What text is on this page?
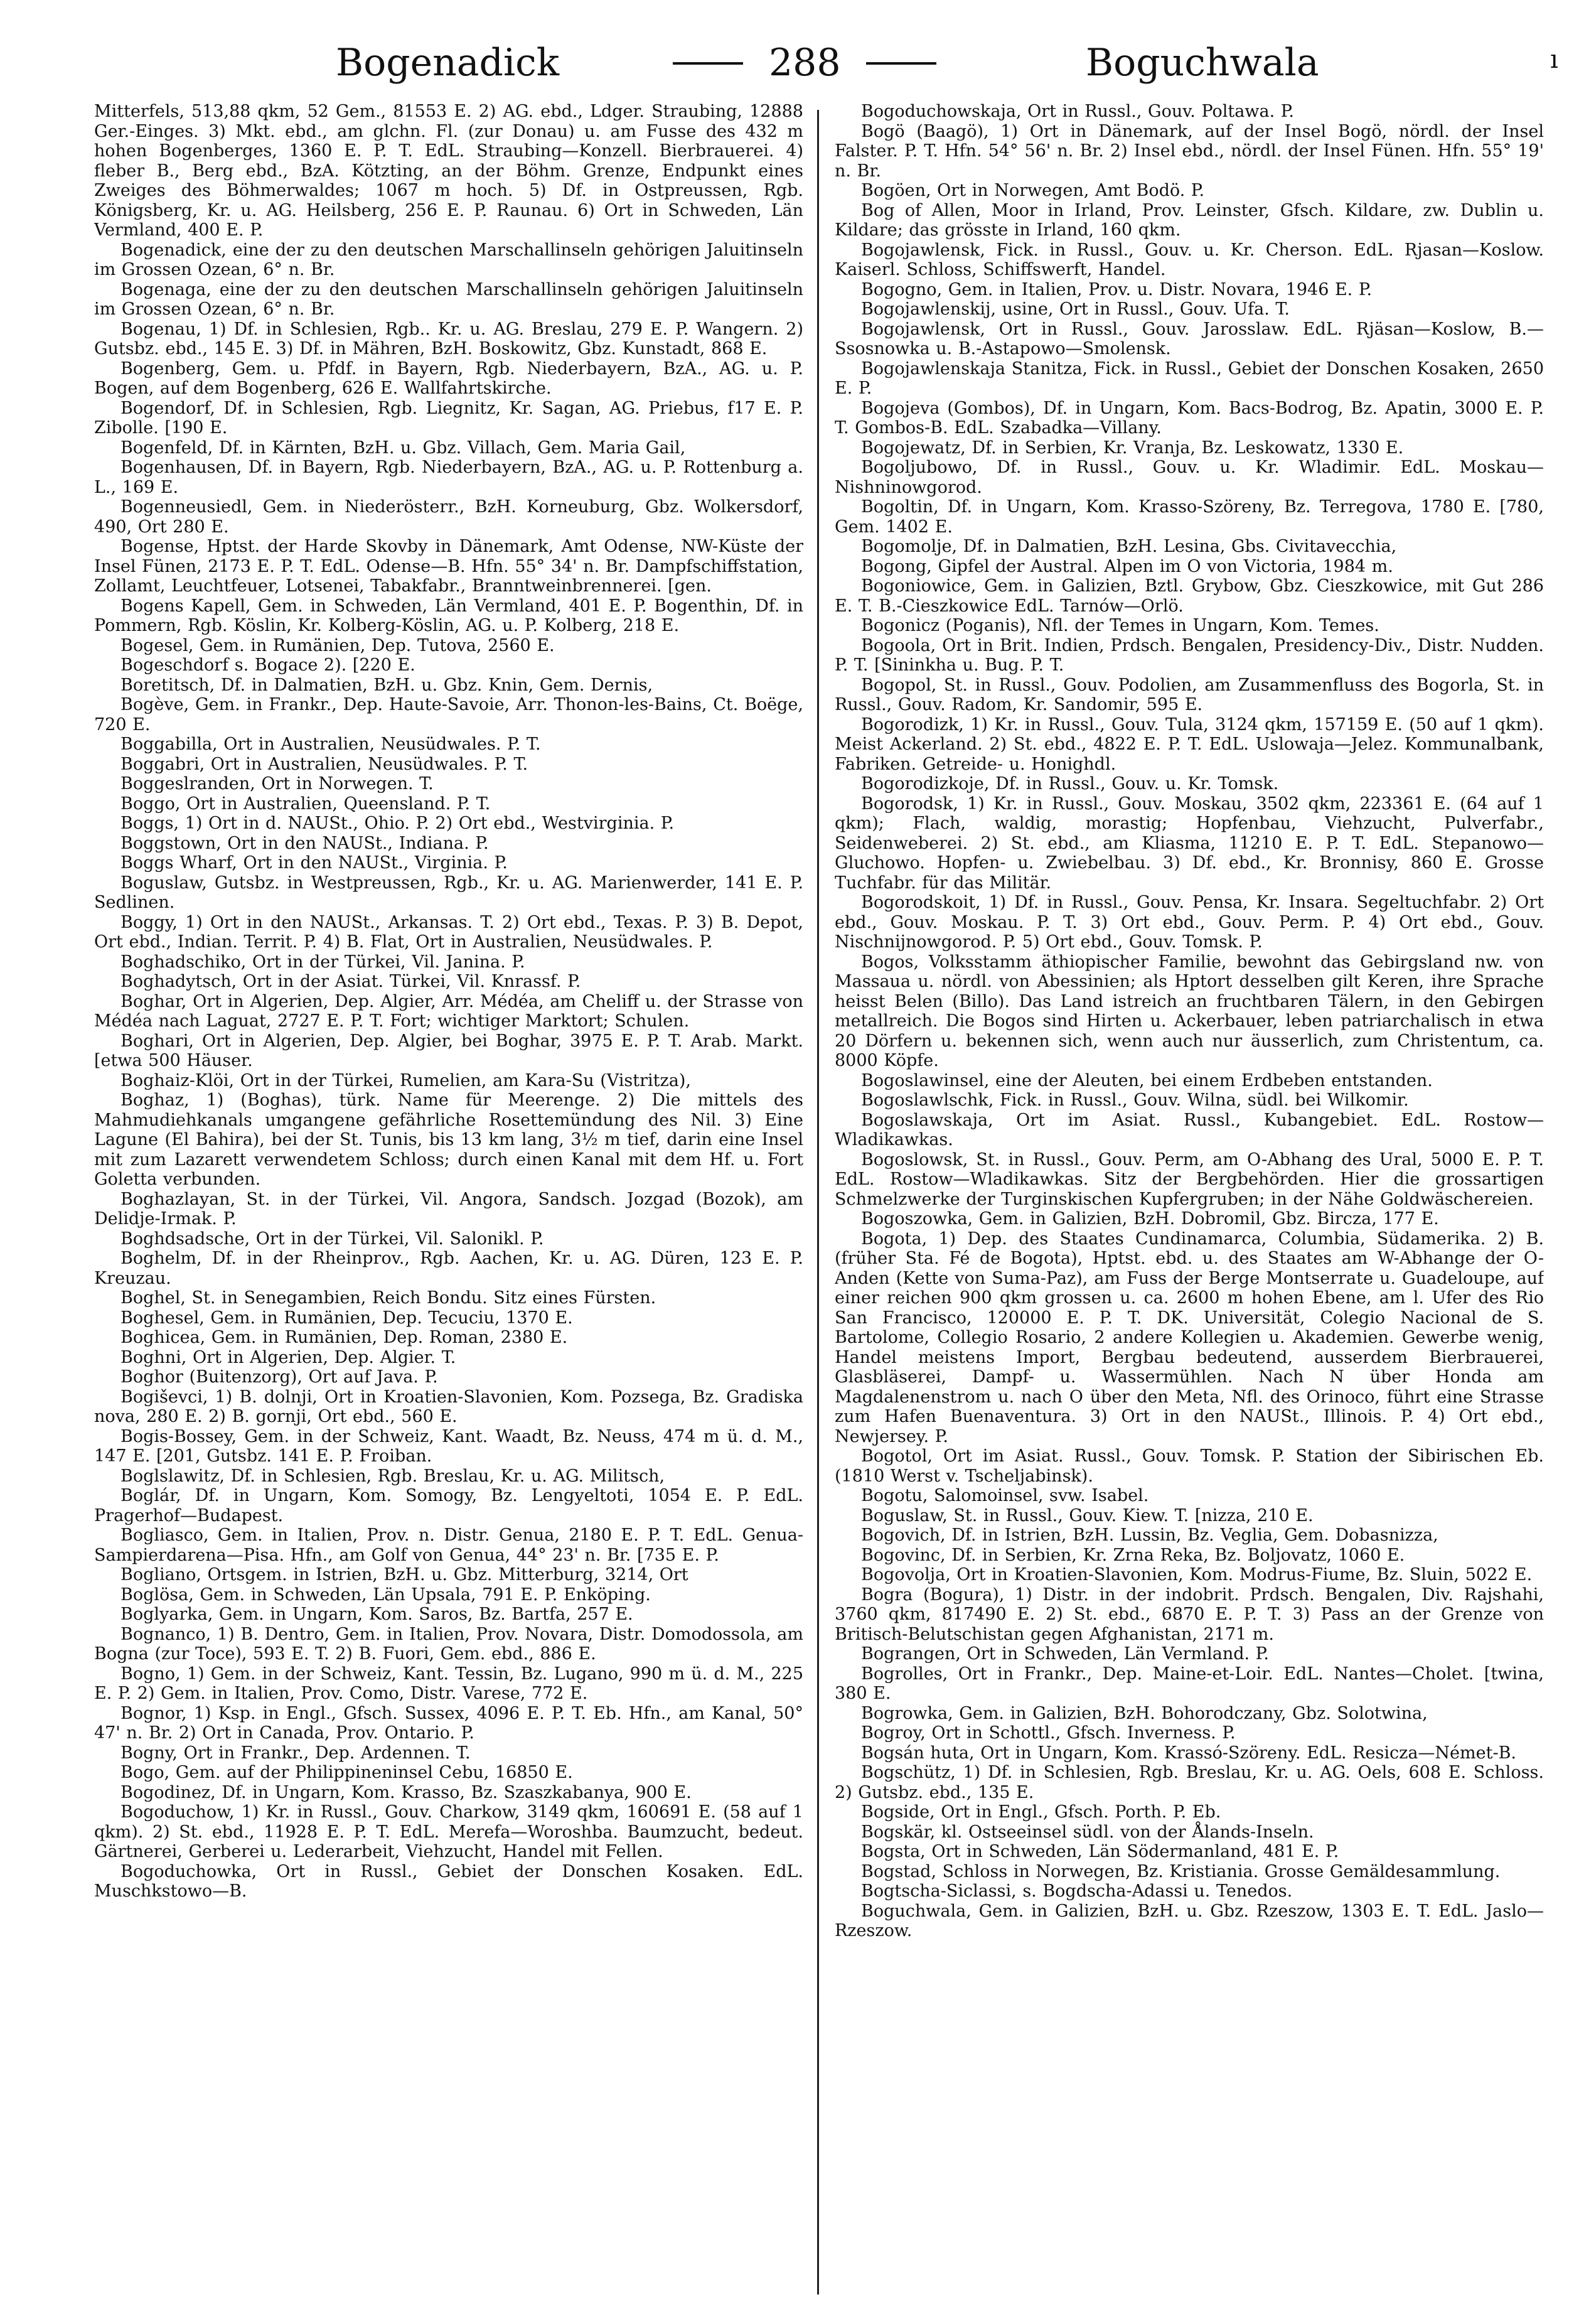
Bogenadick	288	Boguchwala	ı

Mitterfels, 513,88 qkm, 52 Gem., 81553 E. 2) AG. ebd., Ldger. Straubing, 12888 Ger.-Einges. 3) Mkt. ebd., am glchn. Fl. (zur Donau) u. am Fusse des 432 m hohen Bogenberges, 1360 E. P. T. EdL. Straubing—Konzell. Bierbrauerei. 4) fleber B., Berg ebd., BzA. Kötzting, an der Böhm. Grenze, Endpunkt eines Zweiges des Böhmerwaldes; 1067 m hoch. 5) Df. in Ostpreussen, Rgb. Königsberg, Kr. u. AG. Heilsberg, 256 E. P. Raunau. 6) Ort in Schweden, Län Vermland, 400 E. P.

Bogenadick, eine der zu den deutschen Marschallinseln gehörigen Jaluitinseln im Grossen Ozean, 6° n. Br.

Bogenaga, eine der zu den deutschen Marschallinseln gehörigen Jaluitinseln im Grossen Ozean, 6° n. Br.

Bogenau, 1) Df. in Schlesien, Rgb.. Kr. u. AG. Breslau, 279 E. P. Wangern. 2) Gutsbz. ebd., 145 E. 3) Df. in Mähren, BzH. Boskowitz, Gbz. Kunstadt, 868 E.

Bogenberg, Gem. u. Pfdf. in Bayern, Rgb. Niederbayern, BzA., AG. u. P. Bogen, auf dem Bogenberg, 626 E. Wallfahrtskirche.

Bogendorf, Df. in Schlesien, Rgb. Liegnitz, Kr. Sagan, AG. Priebus, f17 E. P. Zibolle. [190 E.

Bogenfeld, Df. in Kärnten, BzH. u. Gbz. Villach, Gem. Maria Gail,

Bogenhausen, Df. in Bayern, Rgb. Niederbayern, BzA., AG. u. P. Rottenburg a. L., 169 E.

Bogenneusiedl, Gem. in Niederösterr., BzH. Korneuburg, Gbz. Wolkersdorf, 490, Ort 280 E.

Bogense, Hptst. der Harde Skovby in Dänemark, Amt Odense, NW-Küste der Insel Fünen, 2173 E. P. T. EdL. Odense—B. Hfn. 55° 34' n. Br. Dampfschiffstation, Zollamt, Leuchtfeuer, Lotsenei, Tabakfabr., Branntweinbrennerei. [gen.

Bogens Kapell, Gem. in Schweden, Län Vermland, 401 E. P. Bogenthin, Df. in Pommern, Rgb. Köslin, Kr. Kolberg-Köslin, AG. u. P. Kolberg, 218 E.

Bogesel, Gem. in Rumänien, Dep. Tutova, 2560 E.

Bogeschdorf s. Bogace 2). [220 E.

Boretitsch, Df. in Dalmatien, BzH. u. Gbz. Knin, Gem. Dernis,

Bogève, Gem. in Frankr., Dep. Haute-Savoie, Arr. Thonon-les-Bains, Ct. Boëge, 720 E.

Boggabilla, Ort in Australien, Neusüdwales. P. T.

Boggabri, Ort in Australien, Neusüdwales. P. T.

Boggeslranden, Ort in Norwegen. T.

Boggo, Ort in Australien, Queensland. P. T.

Boggs, 1) Ort in d. NAUSt., Ohio. P. 2) Ort ebd., Westvirginia. P.

Boggstown, Ort in den NAUSt., Indiana. P.

Boggs Wharf, Ort in den NAUSt., Virginia. P.

Boguslaw, Gutsbz. in Westpreussen, Rgb., Kr. u. AG. Marienwerder, 141 E. P. Sedlinen.

Boggy, 1) Ort in den NAUSt., Arkansas. T. 2) Ort ebd., Texas. P. 3) B. Depot, Ort ebd., Indian. Territ. P. 4) B. Flat, Ort in Australien, Neusüdwales. P.

Boghadschiko, Ort in der Türkei, Vil. Janina. P.

Boghadytsch, Ort in der Asiat. Türkei, Vil. Knrassf. P.

Boghar, Ort in Algerien, Dep. Algier, Arr. Médéa, am Cheliff u. der Strasse von Médéa nach Laguat, 2727 E. P. T. Fort; wichtiger Marktort; Schulen.

Boghari, Ort in Algerien, Dep. Algier, bei Boghar, 3975 E. P. T. Arab. Markt. [etwa 500 Häuser.

Boghaiz-Klöi, Ort in der Türkei, Rumelien, am Kara-Su (Vistritza),

Boghaz, 1) (Boghas), türk. Name für Meerenge. 2) Die mittels des Mahmudiehkanals umgangene gefährliche Rosettemündung des Nil. 3) Eine Lagune (El Bahira), bei der St. Tunis, bis 13 km lang, 3½ m tief, darin eine Insel mit zum Lazarett verwendetem Schloss; durch einen Kanal mit dem Hf. u. Fort Goletta verbunden.

Boghazlayan, St. in der Türkei, Vil. Angora, Sandsch. Jozgad (Bozok), am Delidje-Irmak. P.

Boghdsadsche, Ort in der Türkei, Vil. Salonikl. P.

Boghelm, Df. in der Rheinprov., Rgb. Aachen, Kr. u. AG. Düren, 123 E. P. Kreuzau.

Boghel, St. in Senegambien, Reich Bondu. Sitz eines Fürsten.

Boghesel, Gem. in Rumänien, Dep. Tecuciu, 1370 E.

Boghicea, Gem. in Rumänien, Dep. Roman, 2380 E.

Boghni, Ort in Algerien, Dep. Algier. T.

Boghor (Buitenzorg), Ort auf Java. P.

Bogiševci, 1) B. dolnji, Ort in Kroatien-Slavonien, Kom. Pozsega, Bz. Gradiska nova, 280 E. 2) B. gornji, Ort ebd., 560 E.

Bogis-Bossey, Gem. in der Schweiz, Kant. Waadt, Bz. Neuss, 474 m ü. d. M., 147 E. [201, Gutsbz. 141 E. P. Froiban.

Boglslawitz, Df. in Schlesien, Rgb. Breslau, Kr. u. AG. Militsch,

Boglár, Df. in Ungarn, Kom. Somogy, Bz. Lengyeltoti, 1054 E. P. EdL. Pragerhof—Budapest.

Bogliasco, Gem. in Italien, Prov. n. Distr. Genua, 2180 E. P. T. EdL. Genua-Sampierdarena—Pisa. Hfn., am Golf von Genua, 44° 23' n. Br. [735 E. P.

Bogliano, Ortsgem. in Istrien, BzH. u. Gbz. Mitterburg, 3214, Ort

Boglösa, Gem. in Schweden, Län Upsala, 791 E. P. Enköping.

Boglyarka, Gem. in Ungarn, Kom. Saros, Bz. Bartfa, 257 E.

Bognanco, 1) B. Dentro, Gem. in Italien, Prov. Novara, Distr. Domodossola, am Bogna (zur Toce), 593 E. T. 2) B. Fuori, Gem. ebd., 886 E.

Bogno, 1) Gem. in der Schweiz, Kant. Tessin, Bz. Lugano, 990 m ü. d. M., 225 E. P. 2) Gem. in Italien, Prov. Como, Distr. Varese, 772 E.

Bognor, 1) Ksp. in Engl., Gfsch. Sussex, 4096 E. P. T. Eb. Hfn., am Kanal, 50° 47' n. Br. 2) Ort in Canada, Prov. Ontario. P.

Bogny, Ort in Frankr., Dep. Ardennen. T.

Bogo, Gem. auf der Philippineninsel Cebu, 16850 E.

Bogodinez, Df. in Ungarn, Kom. Krasso, Bz. Szaszkabanya, 900 E.

Bogoduchow, 1) Kr. in Russl., Gouv. Charkow, 3149 qkm, 160691 E. (58 auf 1 qkm). 2) St. ebd., 11928 E. P. T. EdL. Merefa—Woroshba. Baumzucht, bedeut. Gärtnerei, Gerberei u. Lederarbeit, Viehzucht, Handel mit Fellen.

Bogoduchowka, Ort in Russl., Gebiet der Donschen Kosaken. EdL. Muschkstowo—B.

Bogoduchowskaja, Ort in Russl., Gouv. Poltawa. P.

Bogö (Baagö), 1) Ort in Dänemark, auf der Insel Bogö, nördl. der Insel Falster. P. T. Hfn. 54° 56' n. Br. 2) Insel ebd., nördl. der Insel Fünen. Hfn. 55° 19' n. Br.

Bogöen, Ort in Norwegen, Amt Bodö. P.

Bog of Allen, Moor in Irland, Prov. Leinster, Gfsch. Kildare, zw. Dublin u. Kildare; das grösste in Irland, 160 qkm.

Bogojawlensk, Fick. in Russl., Gouv. u. Kr. Cherson. EdL. Rjasan—Koslow. Kaiserl. Schloss, Schiffswerft, Handel.

Bogogno, Gem. in Italien, Prov. u. Distr. Novara, 1946 E. P.

Bogojawlenskij, usine, Ort in Russl., Gouv. Ufa. T.

Bogojawlensk, Ort in Russl., Gouv. Jarosslaw. EdL. Rjäsan—Koslow, B.—Ssosnowka u. B.-Astapowo—Smolensk.

Bogojawlenskaja Stanitza, Fick. in Russl., Gebiet der Donschen Kosaken, 2650 E. P.

Bogojeva (Gombos), Df. in Ungarn, Kom. Bacs-Bodrog, Bz. Apatin, 3000 E. P. T. Gombos-B. EdL. Szabadka—Villany.

Bogojewatz, Df. in Serbien, Kr. Vranja, Bz. Leskowatz, 1330 E.

Bogoljubowo, Df. in Russl., Gouv. u. Kr. Wladimir. EdL. Moskau—Nishninowgorod.

Bogoltin, Df. in Ungarn, Kom. Krasso-Szöreny, Bz. Terregova, 1780 E. [780, Gem. 1402 E.

Bogomolje, Df. in Dalmatien, BzH. Lesina, Gbs. Civitavecchia,

Bogong, Gipfel der Austral. Alpen im O von Victoria, 1984 m.

Bogoniowice, Gem. in Galizien, Bztl. Grybow, Gbz. Cieszkowice, mit Gut 286 E. T. B.-Cieszkowice EdL. Tarnów—Orlö.

Bogonicz (Poganis), Nfl. der Temes in Ungarn, Kom. Temes.

Bogoola, Ort in Brit. Indien, Prdsch. Bengalen, Presidency-Div., Distr. Nudden. P. T. [Sininkha u. Bug. P. T.

Bogopol, St. in Russl., Gouv. Podolien, am Zusammenfluss des Bogorla, St. in Russl., Gouv. Radom, Kr. Sandomir, 595 E.

Bogorodizk, 1) Kr. in Russl., Gouv. Tula, 3124 qkm, 157159 E. (50 auf 1 qkm). Meist Ackerland. 2) St. ebd., 4822 E. P. T. EdL. Uslowaja—Jelez. Kommunalbank, Fabriken. Getreide- u. Honighdl.

Bogorodizkoje, Df. in Russl., Gouv. u. Kr. Tomsk.

Bogorodsk, 1) Kr. in Russl., Gouv. Moskau, 3502 qkm, 223361 E. (64 auf 1 qkm); Flach, waldig, morastig; Hopfenbau, Viehzucht, Pulverfabr., Seidenweberei. 2) St. ebd., am Kliasma, 11210 E. P. T. EdL. Stepanowo—Gluchowo. Hopfen- u. Zwiebelbau. 3) Df. ebd., Kr. Bronnisy, 860 E. Grosse Tuchfabr. für das Militär.

Bogorodskoit, 1) Df. in Russl., Gouv. Pensa, Kr. Insara. Segeltuchfabr. 2) Ort ebd., Gouv. Moskau. P. T. 3) Ort ebd., Gouv. Perm. P. 4) Ort ebd., Gouv. Nischnijnowgorod. P. 5) Ort ebd., Gouv. Tomsk. P.

Bogos, Volksstamm äthiopischer Familie, bewohnt das Gebirgsland nw. von Massaua u. nördl. von Abessinien; als Hptort desselben gilt Keren, ihre Sprache heisst Belen (Billo). Das Land istreich an fruchtbaren Tälern, in den Gebirgen metallreich. Die Bogos sind Hirten u. Ackerbauer, leben patriarchalisch in etwa 20 Dörfern u. bekennen sich, wenn auch nur äusserlich, zum Christentum, ca. 8000 Köpfe.

Bogoslawinsel, eine der Aleuten, bei einem Erdbeben entstanden.

Bogoslawlschk, Fick. in Russl., Gouv. Wilna, südl. bei Wilkomir.

Bogoslawskaja, Ort im Asiat. Russl., Kubangebiet. EdL. Rostow—Wladikawkas.

Bogoslowsk, St. in Russl., Gouv. Perm, am O-Abhang des Ural, 5000 E. P. T. EdL. Rostow—Wladikawkas. Sitz der Bergbehörden. Hier die grossartigen Schmelzwerke der Turginskischen Kupfergruben; in der Nähe Goldwäschereien.

Bogoszowka, Gem. in Galizien, BzH. Dobromil, Gbz. Bircza, 177 E.

Bogota, 1) Dep. des Staates Cundinamarca, Columbia, Südamerika. 2) B. (früher Sta. Fé de Bogota), Hptst. ebd. u. des Staates am W-Abhange der O-Anden (Kette von Suma-Paz), am Fuss der Berge Montserrate u. Guadeloupe, auf einer reichen 900 qkm grossen u. ca. 2600 m hohen Ebene, am l. Ufer des Rio San Francisco, 120000 E. P. T. DK. Universität, Colegio Nacional de S. Bartolome, Collegio Rosario, 2 andere Kollegien u. Akademien. Gewerbe wenig, Handel meistens Import, Bergbau bedeutend, ausserdem Bierbrauerei, Glasbläserei, Dampf- u. Wassermühlen. Nach N über Honda am Magdalenenstrom u. nach O über den Meta, Nfl. des Orinoco, führt eine Strasse zum Hafen Buenaventura. 3) Ort in den NAUSt., Illinois. P. 4) Ort ebd., Newjersey. P.

Bogotol, Ort im Asiat. Russl., Gouv. Tomsk. P. Station der Sibirischen Eb. (1810 Werst v. Tscheljabinsk).

Bogotu, Salomoinsel, svw. Isabel.

Boguslaw, St. in Russl., Gouv. Kiew. T. [nizza, 210 E.

Bogovich, Df. in Istrien, BzH. Lussin, Bz. Veglia, Gem. Dobasnizza,

Bogovinc, Df. in Serbien, Kr. Zrna Reka, Bz. Boljovatz, 1060 E.

Bogovolja, Ort in Kroatien-Slavonien, Kom. Modrus-Fiume, Bz. Sluin, 5022 E.

Bogra (Bogura), 1) Distr. in der indobrit. Prdsch. Bengalen, Div. Rajshahi, 3760 qkm, 817490 E. 2) St. ebd., 6870 E. P. T. 3) Pass an der Grenze von Britisch-Belutschistan gegen Afghanistan, 2171 m.

Bograngen, Ort in Schweden, Län Vermland. P.

Bogrolles, Ort in Frankr., Dep. Maine-et-Loir. EdL. Nantes—Cholet. [twina, 380 E.

Bogrowka, Gem. in Galizien, BzH. Bohorodczany, Gbz. Solotwina,

Bogroy, Ort in Schottl., Gfsch. Inverness. P.

Bogsán huta, Ort in Ungarn, Kom. Krassó-Szöreny. EdL. Resicza—Német-B.

Bogschütz, 1) Df. in Schlesien, Rgb. Breslau, Kr. u. AG. Oels, 608 E. Schloss. 2) Gutsbz. ebd., 135 E.

Bogside, Ort in Engl., Gfsch. Porth. P. Eb.

Bogskär, kl. Ostseeinsel südl. von der Ålands-Inseln.

Bogsta, Ort in Schweden, Län Södermanland, 481 E. P.

Bogstad, Schloss in Norwegen, Bz. Kristiania. Grosse Gemäldesammlung.

Bogtscha-Siclassi, s. Bogdscha-Adassi u. Tenedos.

Boguchwala, Gem. in Galizien, BzH. u. Gbz. Rzeszow, 1303 E. T. EdL. Jaslo—Rzeszow.
